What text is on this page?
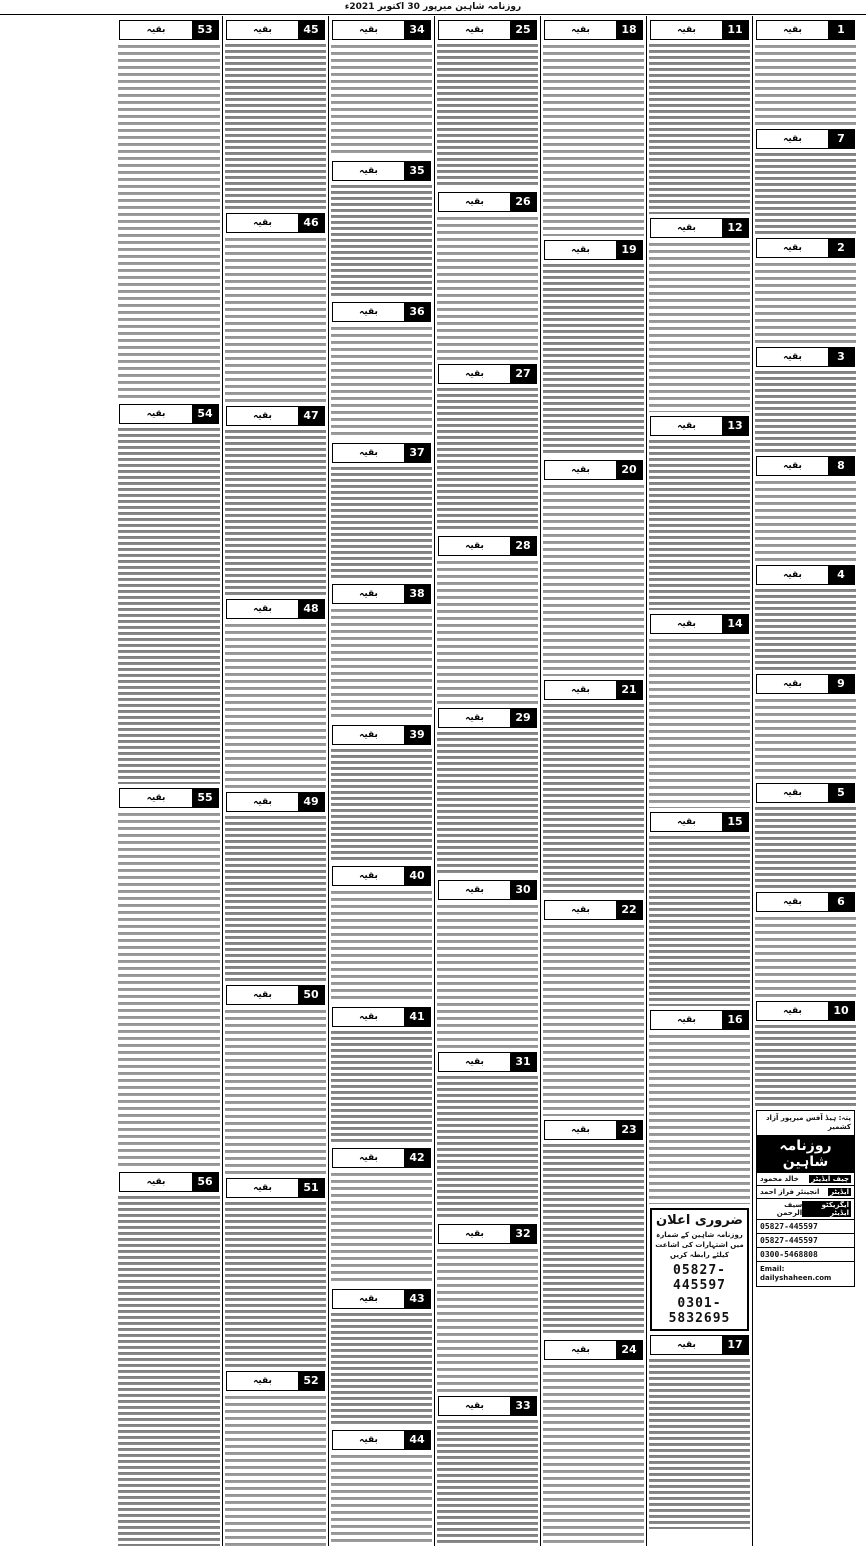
روزنامہ شاہین میرپور 30 اکتوبر 2021ء
1
بقیہ
7
بقیہ
2
بقیہ
3
بقیہ
8
بقیہ
4
بقیہ
9
بقیہ
5
بقیہ
6
بقیہ
10
بقیہ
پتہ: ہیڈ آفس میرپور آزاد کشمیر
روزنامہ شاہین
چیف ایڈیٹر
خالد محمود
ایڈیٹر
انجینئر فراز احمد
ایگزیکٹو ایڈیٹر
سیف الرحمن
05827-445597
05827-445597
0300-5468808
Email: dailyshaheen.com
11
بقیہ
12
بقیہ
13
بقیہ
14
بقیہ
15
بقیہ
16
بقیہ
ضروری اعلان
روزنامہ شاہین کے شمارہ میں اشتہارات کی اشاعت کیلئے رابطہ کریں
05827-445597
0301-5832695
17
بقیہ
18
بقیہ
19
بقیہ
20
بقیہ
21
بقیہ
22
بقیہ
23
بقیہ
24
بقیہ
25
بقیہ
26
بقیہ
27
بقیہ
28
بقیہ
29
بقیہ
30
بقیہ
31
بقیہ
32
بقیہ
33
بقیہ
34
بقیہ
35
بقیہ
36
بقیہ
37
بقیہ
38
بقیہ
39
بقیہ
40
بقیہ
41
بقیہ
42
بقیہ
43
بقیہ
44
بقیہ
45
بقیہ
46
بقیہ
47
بقیہ
48
بقیہ
49
بقیہ
50
بقیہ
51
بقیہ
52
بقیہ
53
بقیہ
54
بقیہ
55
بقیہ
56
بقیہ
